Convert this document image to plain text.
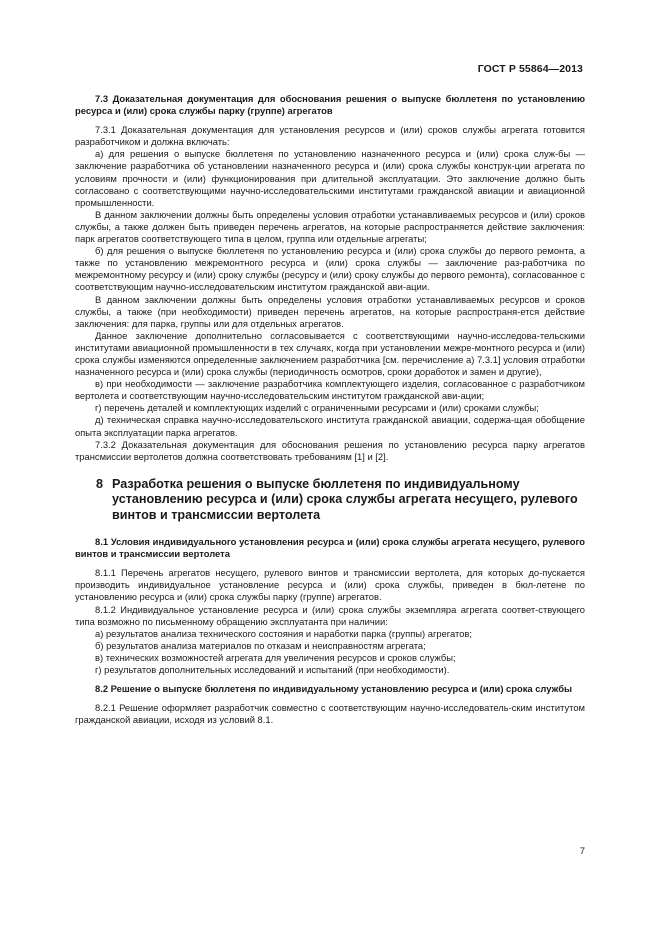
ГОСТ Р 55864—2013

7.3 Доказательная документация для обоснования решения о выпуске бюллетеня по установлению ресурса и (или) срока службы парку (группе) агрегатов

7.3.1 Доказательная документация для установления ресурсов и (или) сроков службы агрегата готовится разработчиком и должна включать:

а) для решения о выпуске бюллетеня по установлению назначенного ресурса и (или) срока служ-бы — заключение разработчика об установлении назначенного ресурса и (или) срока службы конструк-ции агрегата по условиям прочности и (или) функционирования при длительной эксплуатации. Это заключение должно быть согласовано с соответствующими научно-исследовательскими институтами гражданской авиации и авиационной промышленности.

В данном заключении должны быть определены условия отработки устанавливаемых ресурсов и (или) сроков службы, а также должен быть приведен перечень агрегатов, на которые распространяется действие заключения: парк агрегатов соответствующего типа в целом, группа или отдельные агрегаты;

б) для решения о выпуске бюллетеня по установлению ресурса и (или) срока службы до первого ремонта, а также по установлению межремонтного ресурса и (или) срока службы — заключение раз-работчика по межремонтному ресурсу и (или) сроку службы (ресурсу и (или) сроку службы до первого ремонта), согласованное с соответствующим научно-исследовательским институтом гражданской ави-ации.

В данном заключении должны быть определены условия отработки устанавливаемых ресурсов и сроков службы, а также (при необходимости) приведен перечень агрегатов, на которые распространя-ется действие заключения: для парка, группы или для отдельных агрегатов.

Данное заключение дополнительно согласовывается с соответствующими научно-исследова-тельскими институтами авиационной промышленности в тех случаях, когда при установлении межре-монтного ресурса и (или) срока службы изменяются определенные заключением разработчика [см. перечисление а) 7.3.1] условия отработки назначенного ресурса и (или) срока службы (периодичность осмотров, сроки доработок и замен и другие),

в) при необходимости — заключение разработчика комплектующего изделия, согласованное с разработчиком вертолета и соответствующим научно-исследовательским институтом гражданской ави-ации;

г) перечень деталей и комплектующих изделий с ограниченными ресурсами и (или) сроками службы;

д) техническая справка научно-исследовательского института гражданской авиации, содержа-щая обобщение опыта эксплуатации парка агрегатов.

7.3.2 Доказательная документация для обоснования решения по установлению ресурса парку агрегатов трансмиссии вертолетов должна соответствовать требованиям [1] и [2].

8 Разработка решения о выпуске бюллетеня по индивидуальному установлению ресурса и (или) срока службы агрегата несущего, рулевого винтов и трансмиссии вертолета

8.1 Условия индивидуального установления ресурса и (или) срока службы агрегата несущего, рулевого винтов и трансмиссии вертолета

8.1.1 Перечень агрегатов несущего, рулевого винтов и трансмиссии вертолета, для которых до-пускается производить индивидуальное установление ресурса и (или) срока службы, приведен в бюл-летене по установлению ресурса и (или) срока службы парку (группе) агрегатов.

8.1.2 Индивидуальное установление ресурса и (или) срока службы экземпляра агрегата соответ-ствующего типа возможно по письменному обращению эксплуатанта при наличии:

а) результатов анализа технического состояния и наработки парка (группы) агрегатов;

б) результатов анализа материалов по отказам и неисправностям агрегата;

в) технических возможностей агрегата для увеличения ресурсов и сроков службы;

г) результатов дополнительных исследований и испытаний (при необходимости).

8.2 Решение о выпуске бюллетеня по индивидуальному установлению ресурса и (или) срока службы

8.2.1 Решение оформляет разработчик совместно с соответствующим научно-исследователь-ским институтом гражданской авиации, исходя из условий 8.1.

7
